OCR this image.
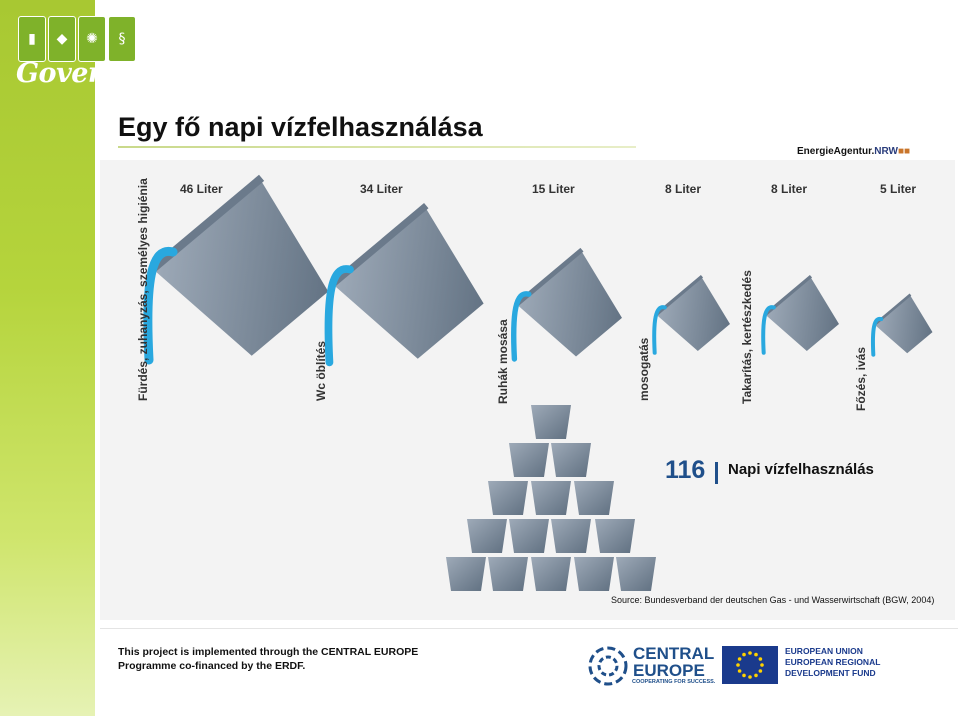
▮	◆	✺	§
GovernEE
Egy fő napi vízfelhasználása
EnergieAgentur.NRW■■
46 Liter	34 Liter	15 Liter	8 Liter	8 Liter	5 Liter
Fürdés, zuhanyzás, személyes higiénia	Wc öblítés	Ruhák mosása	mosogatás	Takarítás, kertészkedés	Főzés, ivás
116 Napi vízfelhasználás
Source: Bundesverband der deutschen Gas - und Wasserwirtschaft (BGW, 2004)
This project is implemented through the CENTRAL EUROPE
Programme co-financed by the ERDF.
CENTRAL
EUROPE
COOPERATING FOR SUCCESS.
EUROPEAN UNION
EUROPEAN REGIONAL
DEVELOPMENT FUND
